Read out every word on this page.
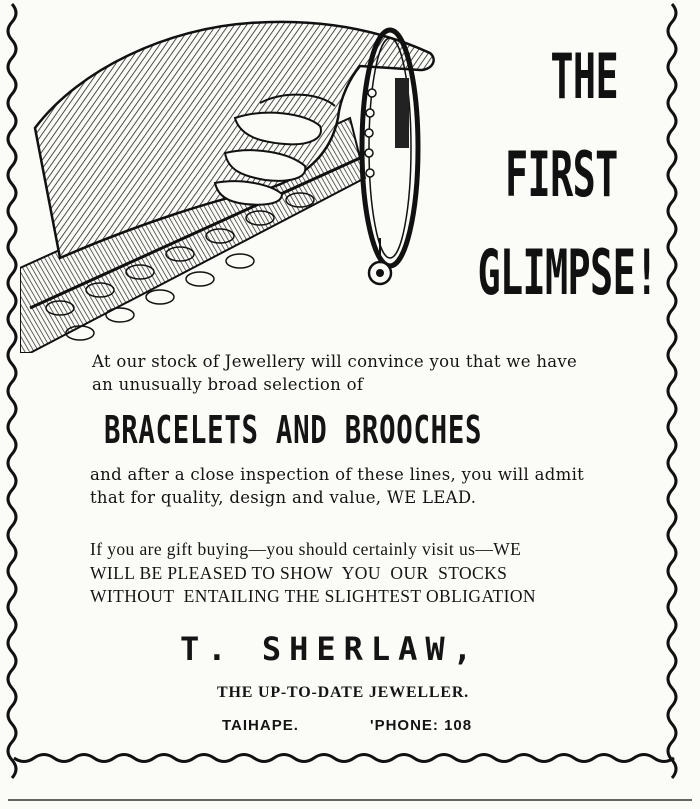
THE
FIRST
GLIMPSE!
At our stock of Jewellery will convince you that we have
an unusually broad selection of
BRACELETS AND BROOCHES
and after a close inspection of these lines, you will admit
that for quality, design and value, WE LEAD.
If you are gift buying—you should certainly visit us—WE
WILL BE PLEASED TO SHOW  YOU  OUR  STOCKS
WITHOUT  ENTAILING THE SLIGHTEST OBLIGATION
T. SHERLAW,
THE UP-TO-DATE JEWELLER.
TAIHAPE.	'PHONE: 108
